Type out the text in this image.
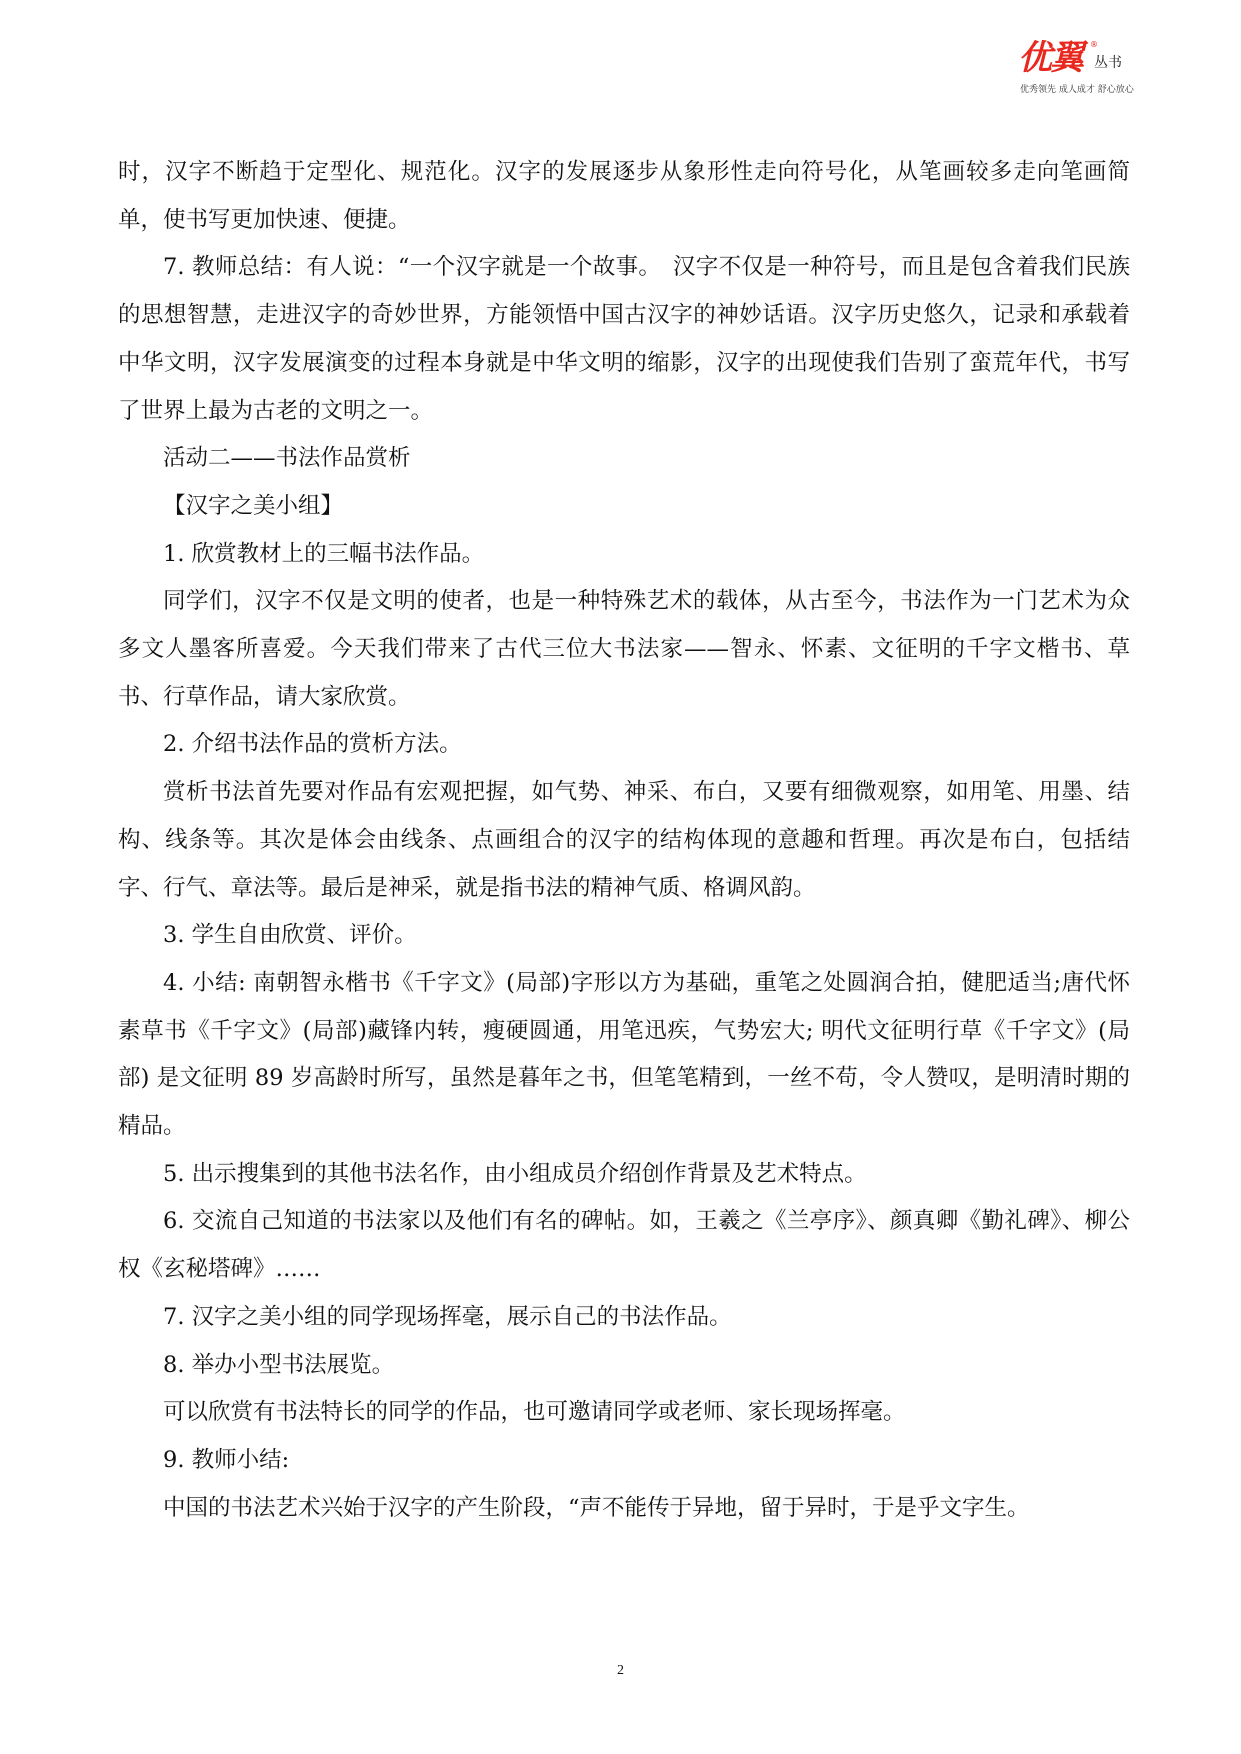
优翼 ®
丛书
优秀领先 成人成才 舒心放心

时，汉字不断趋于定型化、规范化。汉字的发展逐步从象形性走向符号化，从笔画较多走向笔画简单，使书写更加快速、便捷。

7. 教师总结：有人说：“一个汉字就是一个故事。　汉字不仅是一种符号，而且是包含着我们民族的思想智慧，走进汉字的奇妙世界，方能领悟中国古汉字的神妙话语。汉字历史悠久，记录和承载着中华文明，汉字发展演变的过程本身就是中华文明的缩影，汉字的出现使我们告别了蛮荒年代，书写了世界上最为古老的文明之一。

活动二——书法作品赏析

【汉字之美小组】

1. 欣赏教材上的三幅书法作品。

同学们，汉字不仅是文明的使者，也是一种特殊艺术的载体，从古至今，书法作为一门艺术为众多文人墨客所喜爱。今天我们带来了古代三位大书法家——智永、怀素、文征明的千字文楷书、草书、行草作品，请大家欣赏。

2. 介绍书法作品的赏析方法。

赏析书法首先要对作品有宏观把握，如气势、神采、布白，又要有细微观察，如用笔、用墨、结构、线条等。其次是体会由线条、点画组合的汉字的结构体现的意趣和哲理。再次是布白，包括结字、行气、章法等。最后是神采，就是指书法的精神气质、格调风韵。

3. 学生自由欣赏、评价。

4. 小结: 南朝智永楷书《千字文》(局部)字形以方为基础，重笔之处圆润合拍，健肥适当;唐代怀素草书《千字文》(局部)藏锋内转，瘦硬圆通，用笔迅疾，气势宏大; 明代文征明行草《千字文》(局部) 是文征明 89 岁高龄时所写，虽然是暮年之书，但笔笔精到，一丝不苟，令人赞叹，是明清时期的精品。

5. 出示搜集到的其他书法名作，由小组成员介绍创作背景及艺术特点。

6. 交流自己知道的书法家以及他们有名的碑帖。如，王羲之《兰亭序》、颜真卿《勤礼碑》、柳公权《玄秘塔碑》……

7. 汉字之美小组的同学现场挥毫，展示自己的书法作品。

8. 举办小型书法展览。

可以欣赏有书法特长的同学的作品，也可邀请同学或老师、家长现场挥毫。

9. 教师小结:

中国的书法艺术兴始于汉字的产生阶段，“声不能传于异地，留于异时，于是乎文字生。

2
